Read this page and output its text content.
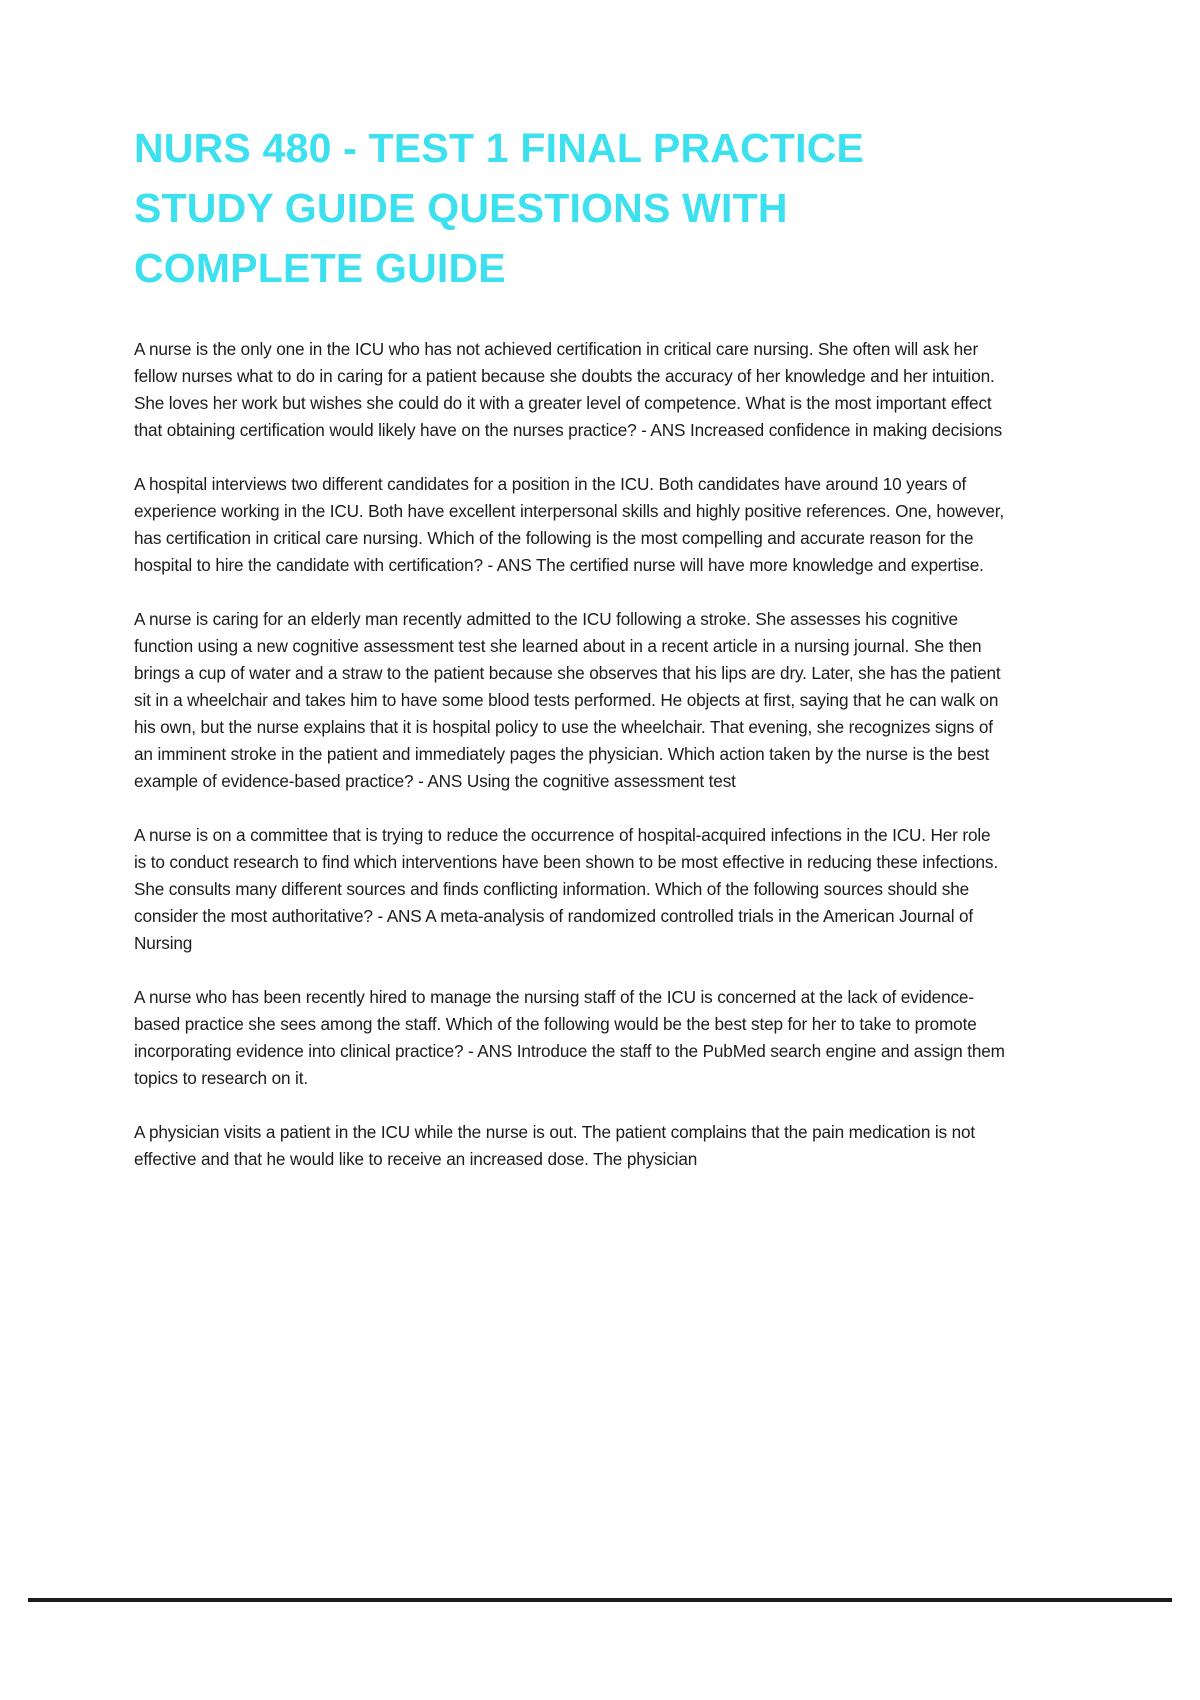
NURS 480 - TEST 1 FINAL PRACTICE STUDY GUIDE QUESTIONS WITH COMPLETE GUIDE

A nurse is the only one in the ICU who has not achieved certification in critical care nursing. She often will ask her fellow nurses what to do in caring for a patient because she doubts the accuracy of her knowledge and her intuition. She loves her work but wishes she could do it with a greater level of competence. What is the most important effect that obtaining certification would likely have on the nurses practice? - ANS Increased confidence in making decisions

A hospital interviews two different candidates for a position in the ICU. Both candidates have around 10 years of experience working in the ICU. Both have excellent interpersonal skills and highly positive references. One, however, has certification in critical care nursing. Which of the following is the most compelling and accurate reason for the hospital to hire the candidate with certification? - ANS The certified nurse will have more knowledge and expertise.

A nurse is caring for an elderly man recently admitted to the ICU following a stroke. She assesses his cognitive function using a new cognitive assessment test she learned about in a recent article in a nursing journal. She then brings a cup of water and a straw to the patient because she observes that his lips are dry. Later, she has the patient sit in a wheelchair and takes him to have some blood tests performed. He objects at first, saying that he can walk on his own, but the nurse explains that it is hospital policy to use the wheelchair. That evening, she recognizes signs of an imminent stroke in the patient and immediately pages the physician. Which action taken by the nurse is the best example of evidence-based practice? - ANS Using the cognitive assessment test

A nurse is on a committee that is trying to reduce the occurrence of hospital-acquired infections in the ICU. Her role is to conduct research to find which interventions have been shown to be most effective in reducing these infections. She consults many different sources and finds conflicting information. Which of the following sources should she consider the most authoritative? - ANS A meta-analysis of randomized controlled trials in the American Journal of Nursing

A nurse who has been recently hired to manage the nursing staff of the ICU is concerned at the lack of evidence-based practice she sees among the staff. Which of the following would be the best step for her to take to promote incorporating evidence into clinical practice? - ANS Introduce the staff to the PubMed search engine and assign them topics to research on it.

A physician visits a patient in the ICU while the nurse is out. The patient complains that the pain medication is not effective and that he would like to receive an increased dose. The physician
